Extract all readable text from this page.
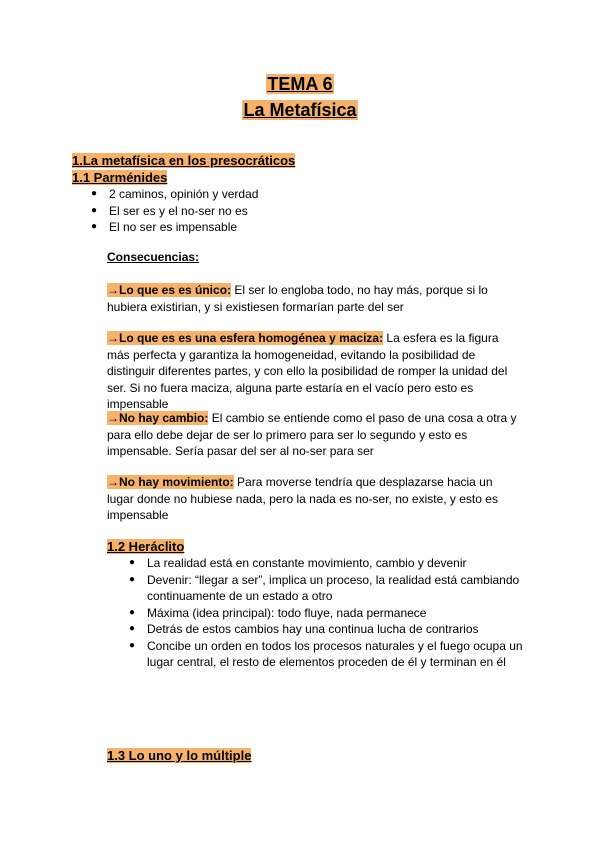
TEMA 6
La Metafísica
1.La metafísica en los presocráticos
1.1 Parménides
● 2 caminos, opinión y verdad
● El ser es y el no-ser no es
● El no ser es impensable
Consecuencias:
→Lo que es es único: El ser lo engloba todo, no hay más, porque si lo hubiera existirian, y si existiesen formarían parte del ser
→Lo que es es una esfera homogénea y maciza: La esfera es la figura más perfecta y garantiza la homogeneidad, evitando la posibilidad de distinguir diferentes partes, y con ello la posibilidad de romper la unidad del ser. Si no fuera maciza, alguna parte estaría en el vacío pero esto es impensable
→No hay cambio: El cambio se entiende como el paso de una cosa a otra y para ello debe dejar de ser lo primero para ser lo segundo y esto es impensable. Sería pasar del ser al no-ser para ser
→No hay movimiento: Para moverse tendría que desplazarse hacia un lugar donde no hubiese nada, pero la nada es no-ser, no existe, y esto es impensable
1.2 Heráclito
● La realidad está en constante movimiento, cambio y devenir
● Devenir: “llegar a ser”, implica un proceso, la realidad está cambiando continuamente de un estado a otro
● Máxima (idea principal): todo fluye, nada permanece
● Detrás de estos cambios hay una continua lucha de contrarios
● Concibe un orden en todos los procesos naturales y el fuego ocupa un lugar central, el resto de elementos proceden de él y terminan en él
1.3 Lo uno y lo múltiple
